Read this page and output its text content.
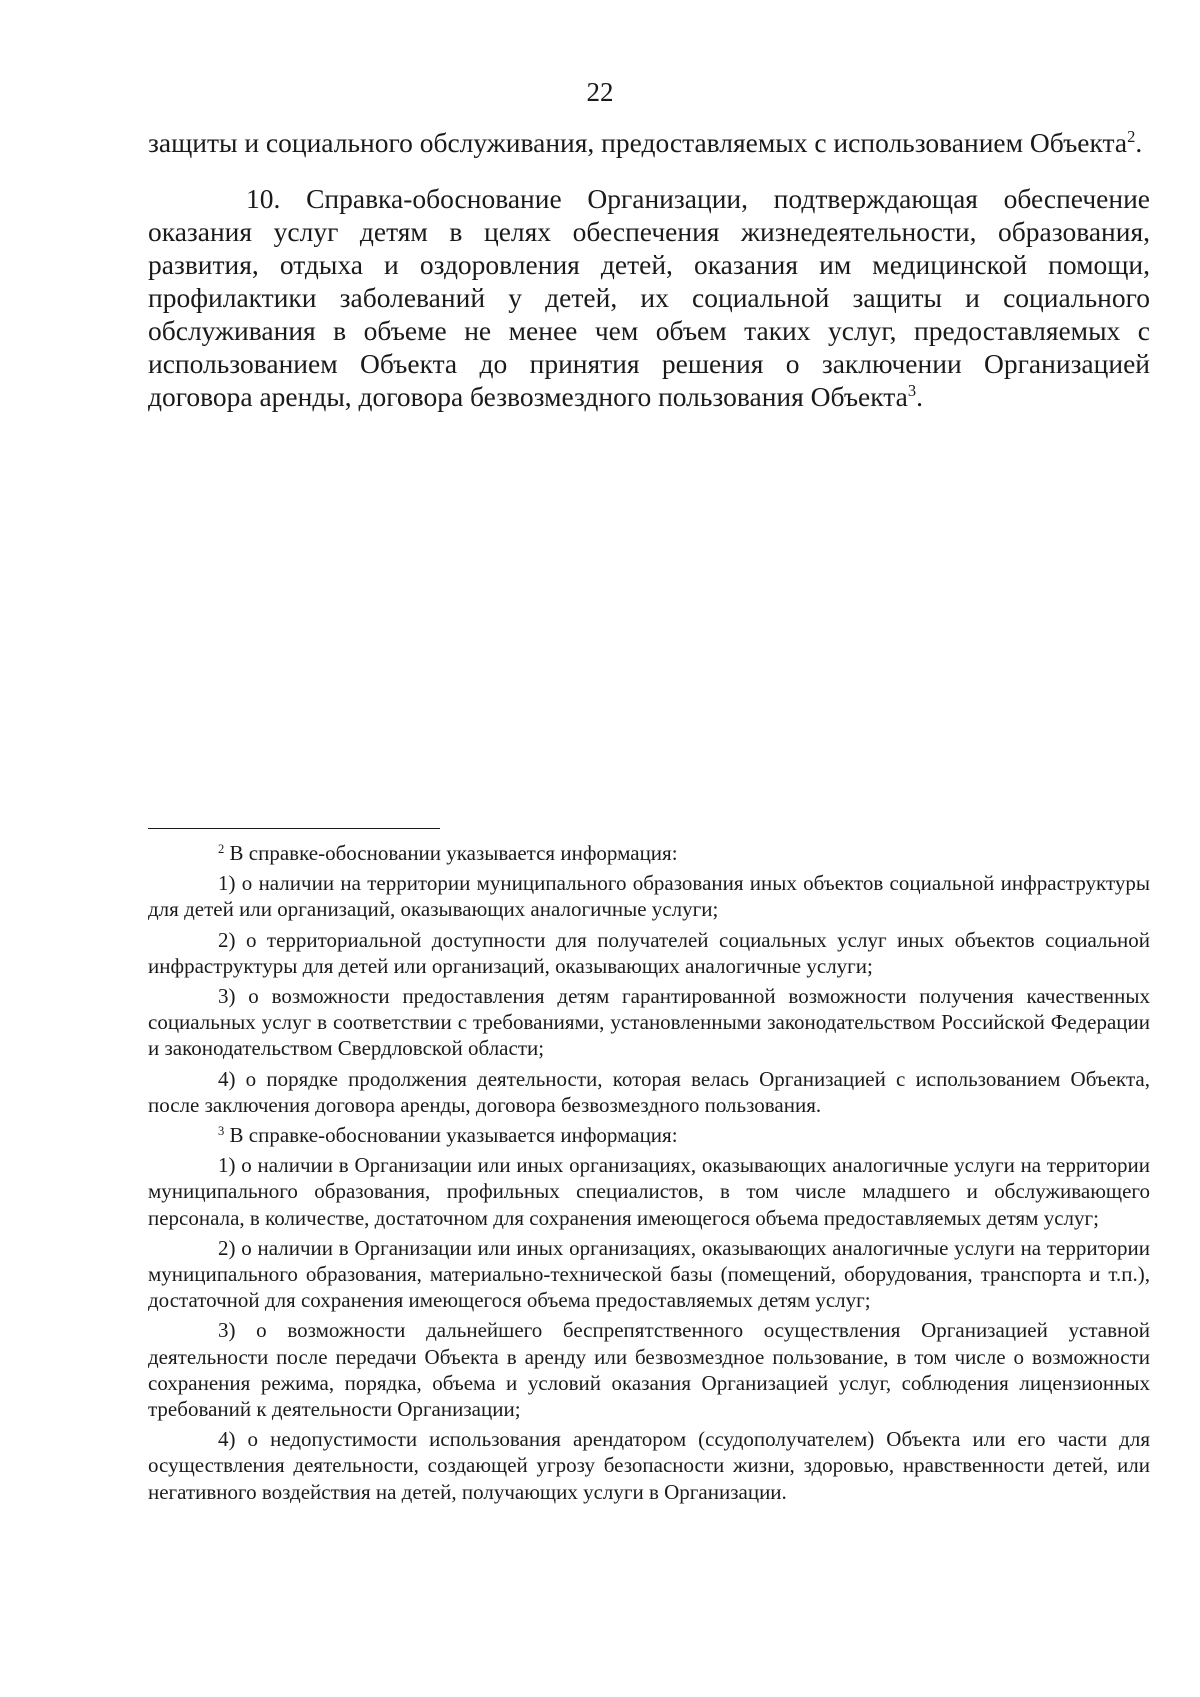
22

защиты и социального обслуживания, предоставляемых с использованием Объекта$^2$.

10. Справка-обоснование Организации, подтверждающая обеспечение оказания услуг детям в целях обеспечения жизнедеятельности, образования, развития, отдыха и оздоровления детей, оказания им медицинской помощи, профилактики заболеваний у детей, их социальной защиты и социального обслуживания в объеме не менее чем объем таких услуг, предоставляемых с использованием Объекта до принятия решения о заключении Организацией договора аренды, договора безвозмездного пользования Объекта$^3$.

$^2$ В справке-обосновании указывается информация:

1) о наличии на территории муниципального образования иных объектов социальной инфраструктуры для детей или организаций, оказывающих аналогичные услуги;

2) о территориальной доступности для получателей социальных услуг иных объектов социальной инфраструктуры для детей или организаций, оказывающих аналогичные услуги;

3) о возможности предоставления детям гарантированной возможности получения качественных социальных услуг в соответствии с требованиями, установленными законодательством Российской Федерации и законодательством Свердловской области;

4) о порядке продолжения деятельности, которая велась Организацией с использованием Объекта, после заключения договора аренды, договора безвозмездного пользования.

$^3$ В справке-обосновании указывается информация:

1) о наличии в Организации или иных организациях, оказывающих аналогичные услуги на территории муниципального образования, профильных специалистов, в том числе младшего и обслуживающего персонала, в количестве, достаточном для сохранения имеющегося объема предоставляемых детям услуг;

2) о наличии в Организации или иных организациях, оказывающих аналогичные услуги на территории муниципального образования, материально-технической базы (помещений, оборудования, транспорта и т.п.), достаточной для сохранения имеющегося объема предоставляемых детям услуг;

3) о возможности дальнейшего беспрепятственного осуществления Организацией уставной деятельности после передачи Объекта в аренду или безвозмездное пользование, в том числе о возможности сохранения режима, порядка, объема и условий оказания Организацией услуг, соблюдения лицензионных требований к деятельности Организации;

4) о недопустимости использования арендатором (ссудополучателем) Объекта или его части для осуществления деятельности, создающей угрозу безопасности жизни, здоровью, нравственности детей, или негативного воздействия на детей, получающих услуги в Организации.
